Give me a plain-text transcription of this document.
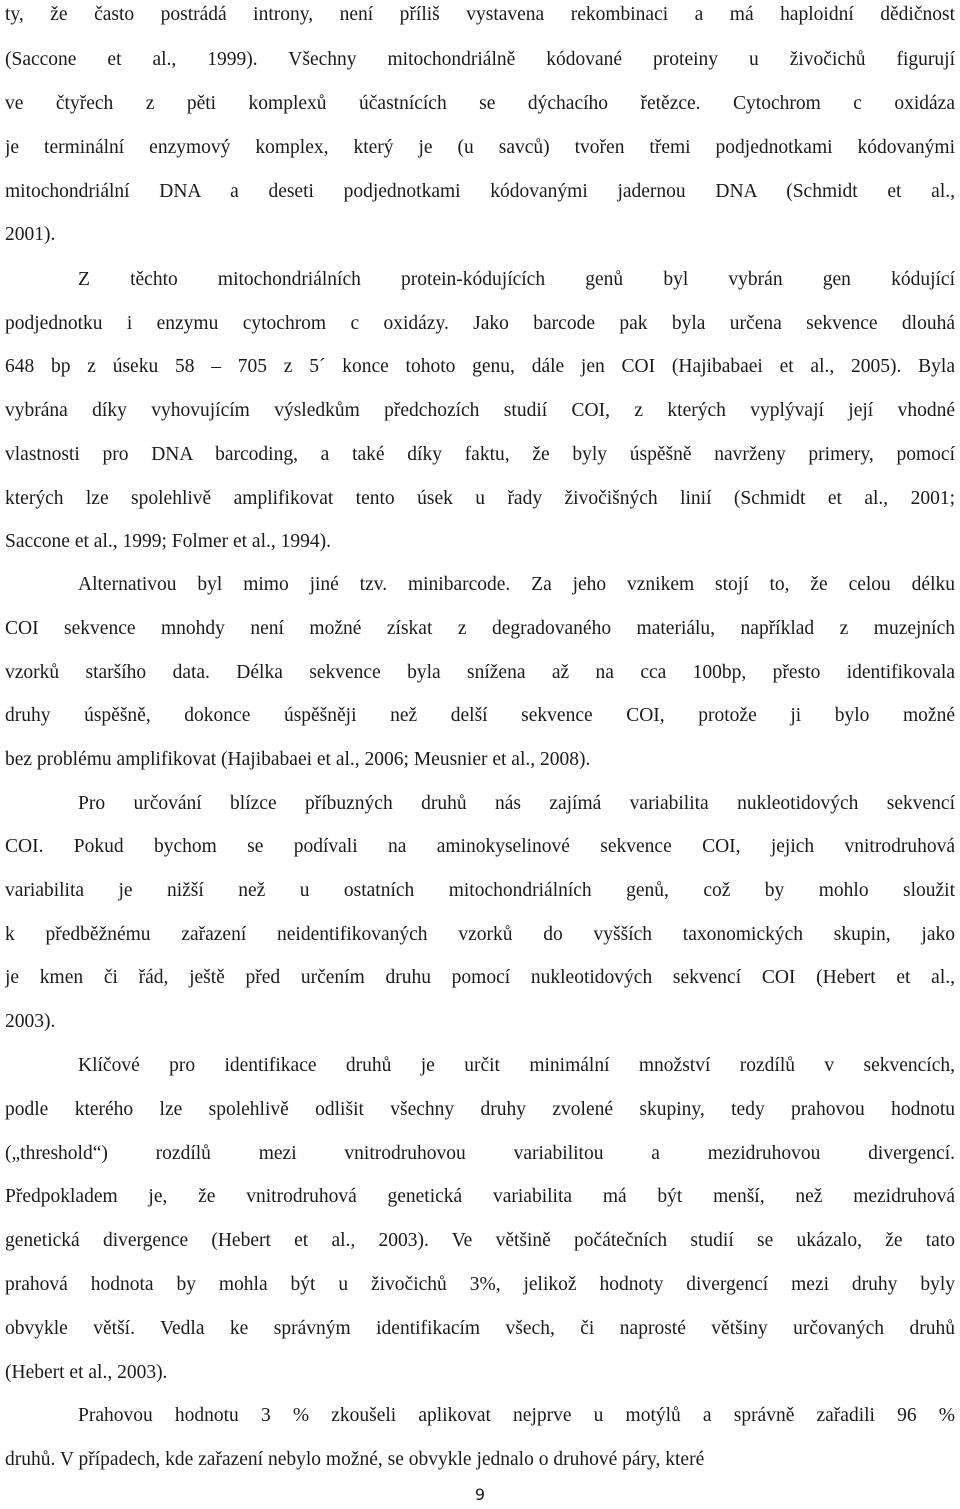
ty, že často postrádá introny, není příliš vystavena rekombinaci a má haploidní dědičnost
(Saccone et al., 1999). Všechny mitochondriálně kódované proteiny u živočichů figurují
ve čtyřech z pěti komplexů účastnících se dýchacího řetězce. Cytochrom c oxidáza
je terminální enzymový komplex, který je (u savců) tvořen třemi podjednotkami kódovanými
mitochondriální DNA a deseti podjednotkami kódovanými jadernou DNA (Schmidt et al.,
2001).
Z těchto mitochondriálních protein-kódujících genů byl vybrán gen kódující
podjednotku i enzymu cytochrom c oxidázy. Jako barcode pak byla určena sekvence dlouhá
648 bp z úseku 58 – 705 z 5´ konce tohoto genu, dále jen COI (Hajibabaei et al., 2005). Byla
vybrána díky vyhovujícím výsledkům předchozích studií COI, z kterých vyplývají její vhodné
vlastnosti pro DNA barcoding, a také díky faktu, že byly úspěšně navrženy primery, pomocí
kterých lze spolehlivě amplifikovat tento úsek u řady živočišných linií (Schmidt et al., 2001;
Saccone et al., 1999; Folmer et al., 1994).
Alternativou byl mimo jiné tzv. minibarcode. Za jeho vznikem stojí to, že celou délku
COI sekvence mnohdy není možné získat z degradovaného materiálu, například z muzejních
vzorků staršího data. Délka sekvence byla snížena až na cca 100bp, přesto identifikovala
druhy úspěšně, dokonce úspěšněji než delší sekvence COI, protože ji bylo možné
bez problému amplifikovat (Hajibabaei et al., 2006; Meusnier et al., 2008).
Pro určování blízce příbuzných druhů nás zajímá variabilita nukleotidových sekvencí
COI. Pokud bychom se podívali na aminokyselinové sekvence COI, jejich vnitrodruhová
variabilita je nižší než u ostatních mitochondriálních genů, což by mohlo sloužit
k předběžnému zařazení neidentifikovaných vzorků do vyšších taxonomických skupin, jako
je kmen či řád, ještě před určením druhu pomocí nukleotidových sekvencí COI (Hebert et al.,
2003).
Klíčové pro identifikace druhů je určit minimální množství rozdílů v sekvencích,
podle kterého lze spolehlivě odlišit všechny druhy zvolené skupiny, tedy prahovou hodnotu
(„threshold“) rozdílů mezi vnitrodruhovou variabilitou a mezidruhovou divergencí.
Předpokladem je, že vnitrodruhová genetická variabilita má být menší, než mezidruhová
genetická divergence (Hebert et al., 2003). Ve většině počátečních studií se ukázalo, že tato
prahová hodnota by mohla být u živočichů 3%, jelikož hodnoty divergencí mezi druhy byly
obvykle větší. Vedla ke správným identifikacím všech, či naprosté většiny určovaných druhů
(Hebert et al., 2003).
Prahovou hodnotu 3 % zkoušeli aplikovat nejprve u motýlů a správně zařadili 96 %
druhů. V případech, kde zařazení nebylo možné, se obvykle jednalo o druhové páry, které
9
